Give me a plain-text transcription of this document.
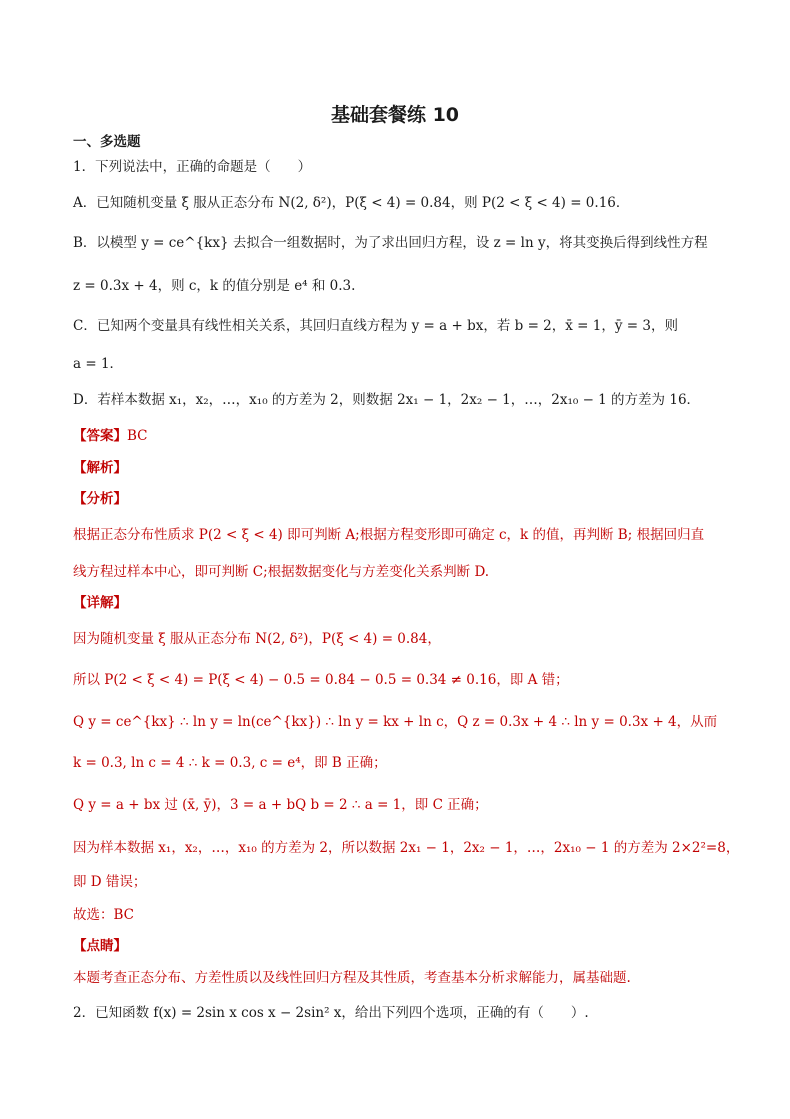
基础套餐练 10
一、多选题
1．下列说法中，正确的命题是（　　）
A．已知随机变量 ξ 服从正态分布 N(2, δ²)，P(ξ < 4) = 0.84，则 P(2 < ξ < 4) = 0.16．
B．以模型 y = ce^{kx} 去拟合一组数据时，为了求出回归方程，设 z = ln y，将其变换后得到线性方程
z = 0.3x + 4，则 c，k 的值分别是 e⁴ 和 0.3.
C．已知两个变量具有线性相关关系，其回归直线方程为 y = a + bx，若 b = 2，x̄ = 1，ȳ = 3，则
a = 1．
D．若样本数据 x₁，x₂，…，x₁₀ 的方差为 2，则数据 2x₁ − 1，2x₂ − 1，…，2x₁₀ − 1 的方差为 16．
【答案】BC
【解析】
【分析】
根据正态分布性质求 P(2 < ξ < 4) 即可判断 A;根据方程变形即可确定 c，k 的值，再判断 B; 根据回归直
线方程过样本中心，即可判断 C;根据数据变化与方差变化关系判断 D.
【详解】
因为随机变量 ξ 服从正态分布 N(2, δ²)，P(ξ < 4) = 0.84，
所以 P(2 < ξ < 4) = P(ξ < 4) − 0.5 = 0.84 − 0.5 = 0.34 ≠ 0.16，即 A 错；
Q y = ce^{kx} ∴ ln y = ln(ce^{kx}) ∴ ln y = kx + ln c，Q z = 0.3x + 4 ∴ ln y = 0.3x + 4，从而
k = 0.3, ln c = 4 ∴ k = 0.3, c = e⁴，即 B 正确；
Q y = a + bx 过 (x̄, ȳ)，3 = a + bQ b = 2 ∴ a = 1，即 C 正确；
因为样本数据 x₁，x₂，…，x₁₀ 的方差为 2，所以数据 2x₁ − 1，2x₂ − 1，…，2x₁₀ − 1 的方差为 2×2²=8，
即 D 错误；
故选：BC
【点睛】
本题考查正态分布、方差性质以及线性回归方程及其性质，考查基本分析求解能力，属基础题.
2．已知函数 f(x) = 2sin x cos x − 2sin² x，给出下列四个选项，正确的有（　　）.
